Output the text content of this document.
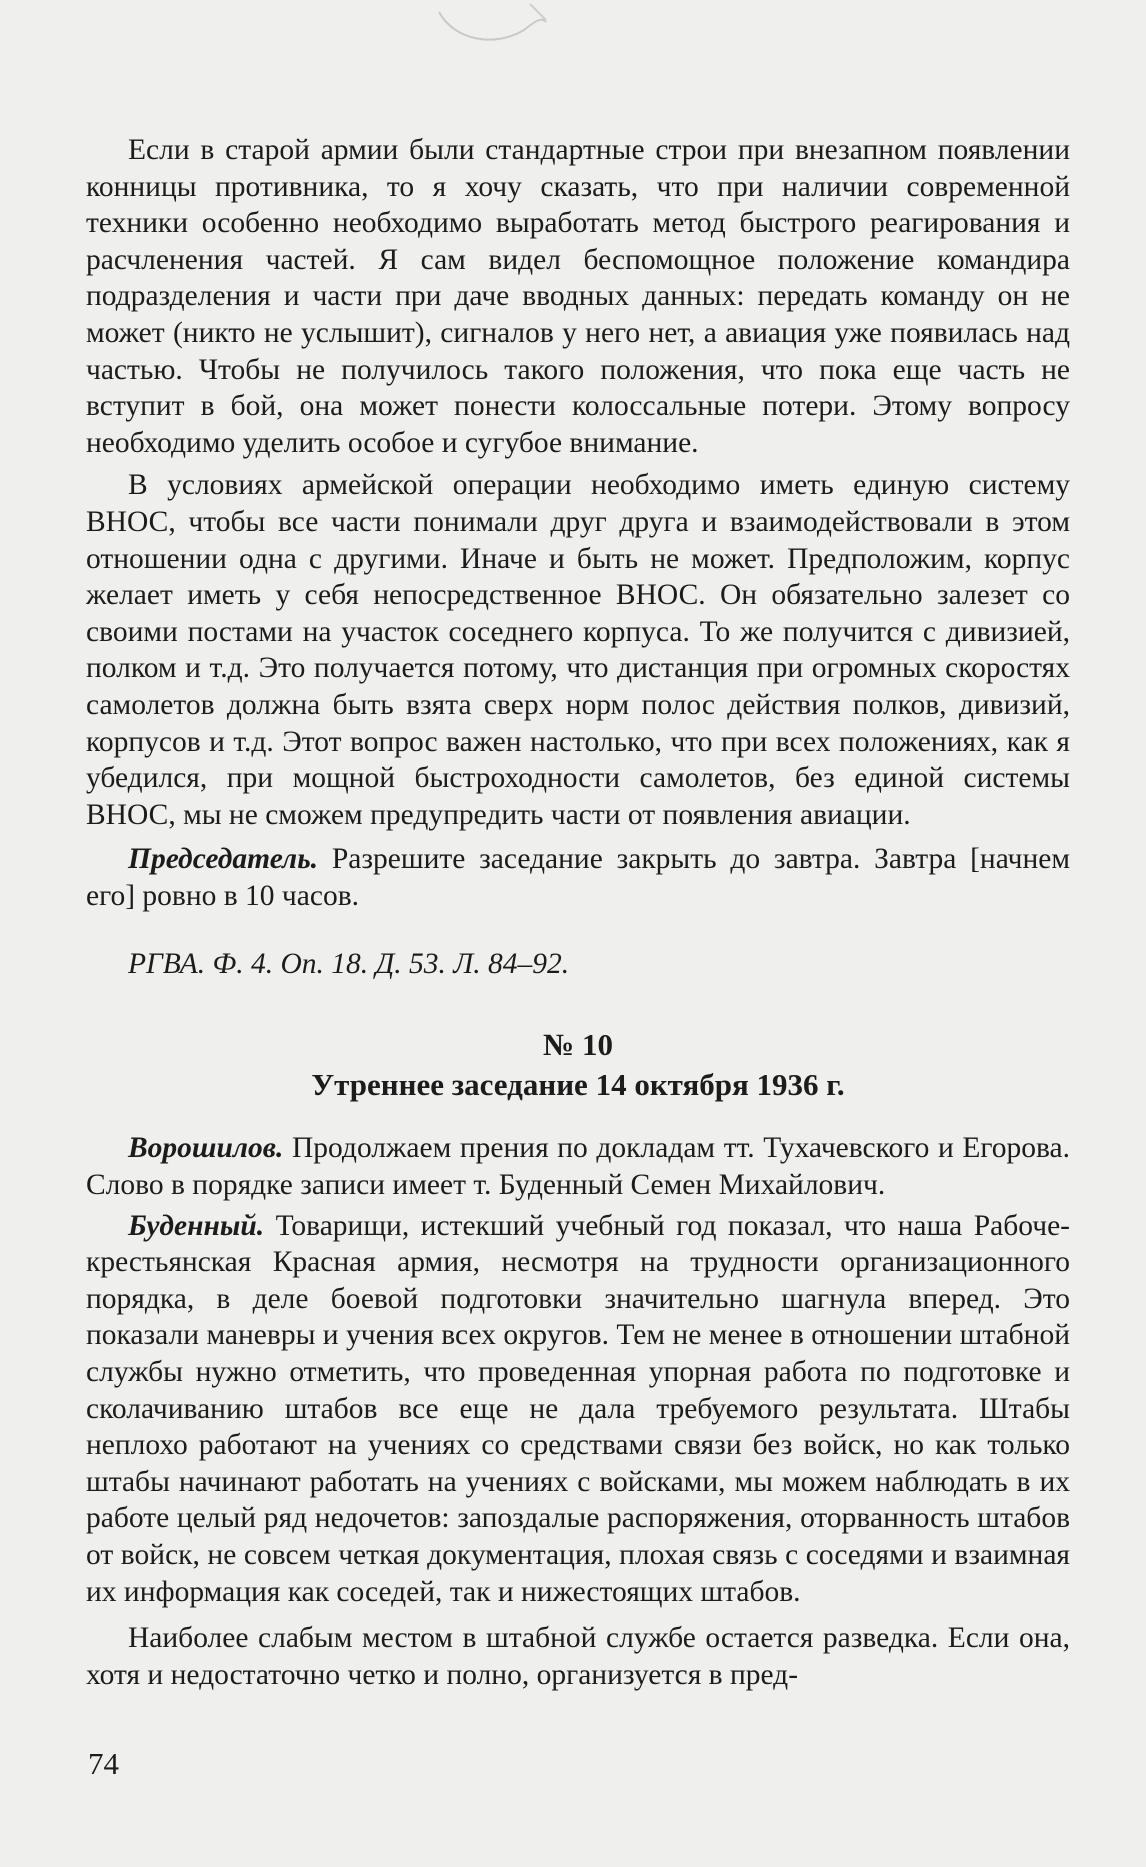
Если в старой армии были стандартные строи при внезапном появлении конницы противника, то я хочу сказать, что при наличии современной техники особенно необходимо выработать метод быстрого реагирования и расчленения частей. Я сам видел беспомощное положение командира подразделения и части при даче вводных данных: передать команду он не может (никто не услышит), сигналов у него нет, а авиация уже появилась над частью. Чтобы не получилось такого положения, что пока еще часть не вступит в бой, она может понести колоссальные потери. Этому вопросу необходимо уделить особое и сугубое внимание.

В условиях армейской операции необходимо иметь единую систему ВНОС, чтобы все части понимали друг друга и взаимодействовали в этом отношении одна с другими. Иначе и быть не может. Предположим, корпус желает иметь у себя непосредственное ВНОС. Он обязательно залезет со своими постами на участок соседнего корпуса. То же получится с дивизией, полком и т.д. Это получается потому, что дистанция при огромных скоростях самолетов должна быть взята сверх норм полос действия полков, дивизий, корпусов и т.д. Этот вопрос важен настолько, что при всех положениях, как я убедился, при мощной быстроходности самолетов, без единой системы ВНОС, мы не сможем предупредить части от появления авиации.

Председатель. Разрешите заседание закрыть до завтра. Завтра [начнем его] ровно в 10 часов.

РГВА. Ф. 4. Оп. 18. Д. 53. Л. 84–92.

№ 10
Утреннее заседание 14 октября 1936 г.

Ворошилов. Продолжаем прения по докладам тт. Тухачевского и Егорова. Слово в порядке записи имеет т. Буденный Семен Михайлович.

Буденный. Товарищи, истекший учебный год показал, что наша Рабоче-крестьянская Красная армия, несмотря на трудности организационного порядка, в деле боевой подготовки значительно шагнула вперед. Это показали маневры и учения всех округов. Тем не менее в отношении штабной службы нужно отметить, что проведенная упорная работа по подготовке и сколачиванию штабов все еще не дала требуемого результата. Штабы неплохо работают на учениях со средствами связи без войск, но как только штабы начинают работать на учениях с войсками, мы можем наблюдать в их работе целый ряд недочетов: запоздалые распоряжения, оторванность штабов от войск, не совсем четкая документация, плохая связь с соседями и взаимная их информация как соседей, так и нижестоящих штабов.

Наиболее слабым местом в штабной службе остается разведка. Если она, хотя и недостаточно четко и полно, организуется в пред-

74
